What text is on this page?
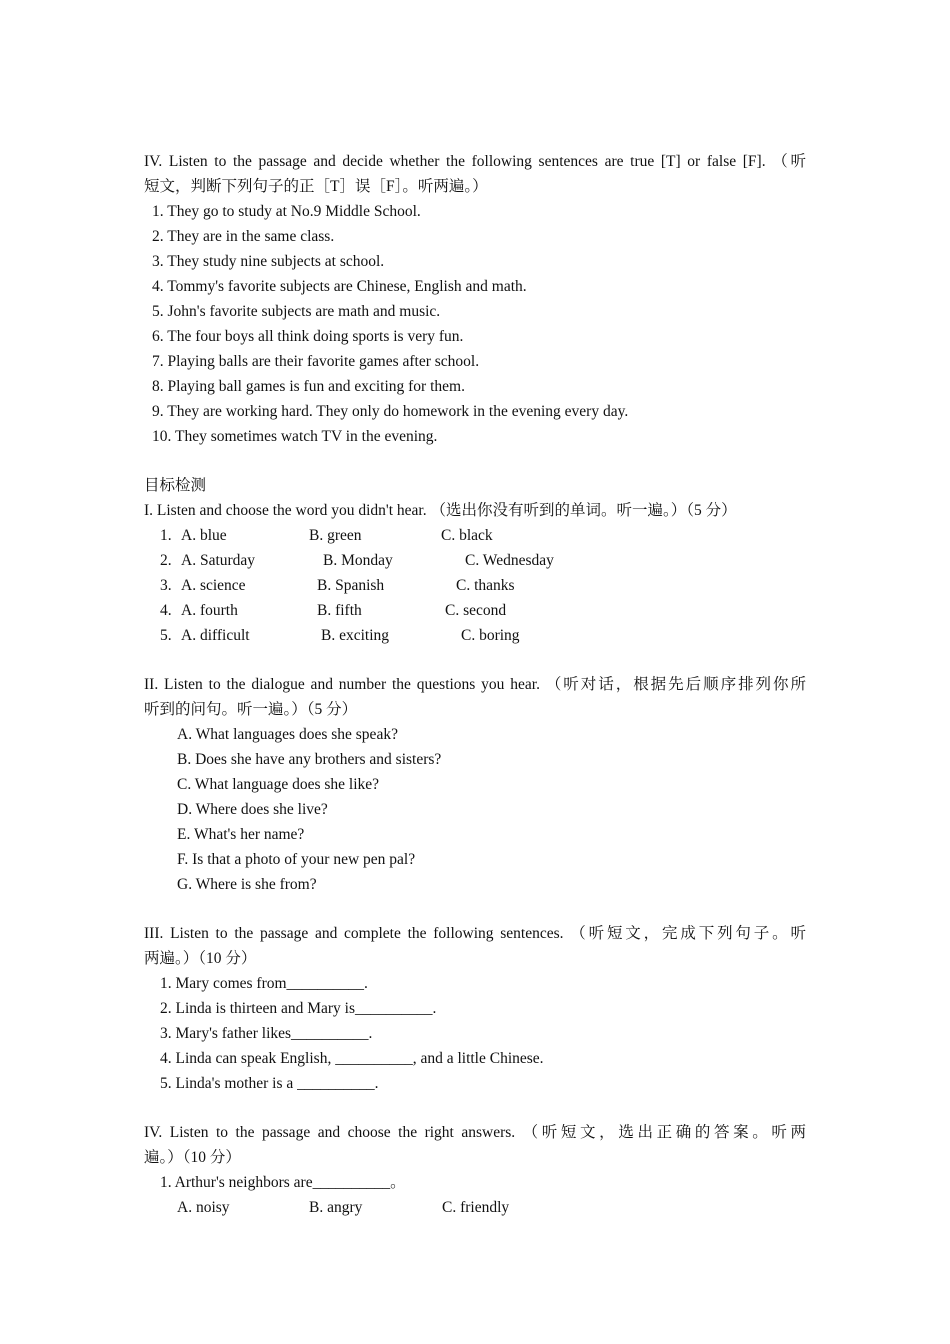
IV. Listen to the passage and decide whether the following sentences are true [T] or false [F]. （听
短文，判断下列句子的正［T］误［F］。听两遍。）
1. They go to study at No.9 Middle School.
2. They are in the same class.
3. They study nine subjects at school.
4. Tommy's favorite subjects are Chinese, English and math.
5. John's favorite subjects are math and music.
6. The four boys all think doing sports is very fun.
7. Playing balls are their favorite games after school.
8. Playing ball games is fun and exciting for them.
9. They are working hard. They only do homework in the evening every day.
10. They sometimes watch TV in the evening.
目标检测
I. Listen and choose the word you didn't hear. （选出你没有听到的单词。听一遍。）（5 分）
1. A. blue	B. green	C. black
2. A. Saturday	B. Monday	C. Wednesday
3. A. science	B. Spanish	C. thanks
4. A. fourth	B. fifth	C. second
5. A. difficult	B. exciting	C. boring
II. Listen to the dialogue and number the questions you hear. （听对话，根据先后顺序排列你所
听到的问句。听一遍。）（5 分）
A. What languages does she speak?
B. Does she have any brothers and sisters?
C. What language does she like?
D. Where does she live?
E. What's her name?
F. Is that a photo of your new pen pal?
G. Where is she from?
III. Listen to the passage and complete the following sentences. （听短文，完成下列句子。听
两遍。）（10 分）
1. Mary comes from__________.
2. Linda is thirteen and Mary is__________.
3. Mary's father likes__________.
4. Linda can speak English, __________, and a little Chinese.
5. Linda's mother is a __________.
IV. Listen to the passage and choose the right answers. （听短文，选出正确的答案。听两
遍。）（10 分）
1. Arthur's neighbors are__________。
A. noisy	B. angry	C. friendly
